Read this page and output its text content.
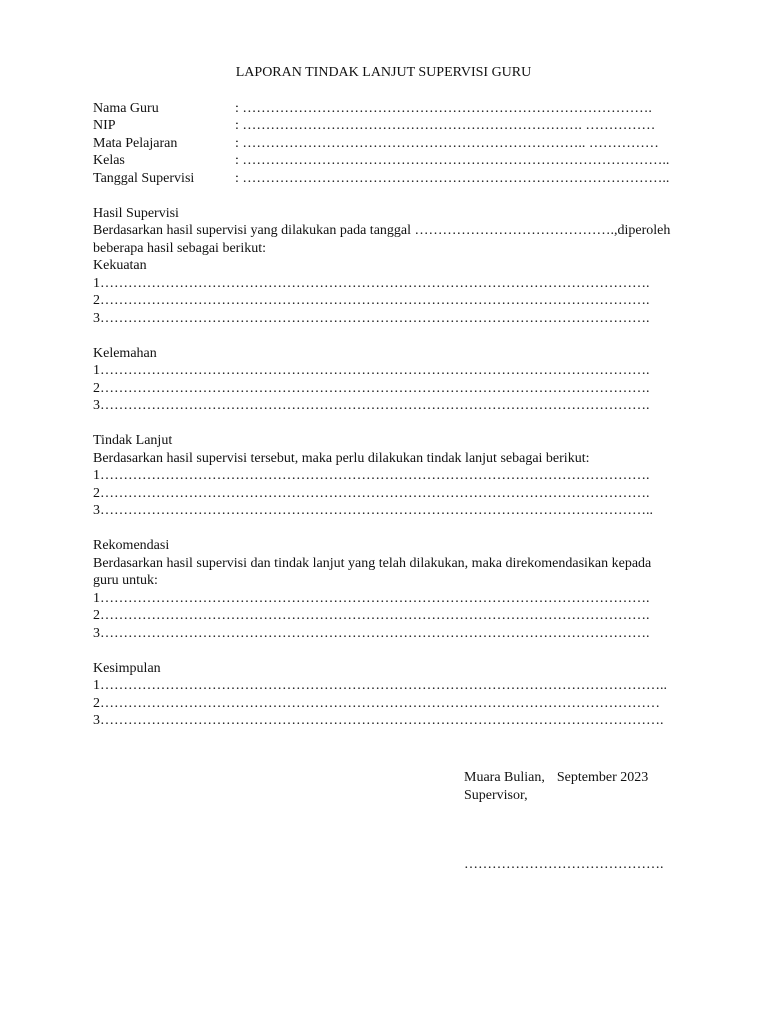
LAPORAN TINDAK LANJUT SUPERVISI GURU
Nama Guru	: …………………………………………………………………………….
NIP	: ………………………………………………………………. ……………
Mata Pelajaran	: ……………………………………………………………….. ……………
Kelas	: ………………………………………………………………………………..
Tanggal Supervisi	: ………………………………………………………………………………..
Hasil Supervisi
Berdasarkan hasil supervisi yang dilakukan pada tanggal …………………………………….,diperoleh beberapa hasil sebagai berikut:
Kekuatan
1……………………………………………………………………………………………………….
2……………………………………………………………………………………………………….
3……………………………………………………………………………………………………….
Kelemahan
1……………………………………………………………………………………………………….
2……………………………………………………………………………………………………….
3……………………………………………………………………………………………………….
Tindak Lanjut
Berdasarkan hasil supervisi tersebut, maka perlu dilakukan tindak lanjut sebagai berikut:
1……………………………………………………………………………………………………….
2……………………………………………………………………………………………………….
3………………………………………………………………………………………………………..
Rekomendasi
Berdasarkan hasil supervisi dan tindak lanjut yang telah dilakukan, maka direkomendasikan kepada guru untuk:
1……………………………………………………………………………………………………….
2……………………………………………………………………………………………………….
3……………………………………………………………………………………………………….
Kesimpulan
1…………………………………………………………………………………………………………..
2…………………………………………………………………………………………………………
3………………………………………………………………………………………………………….
Muara Bulian, September 2023
Supervisor,
…………………………………….
